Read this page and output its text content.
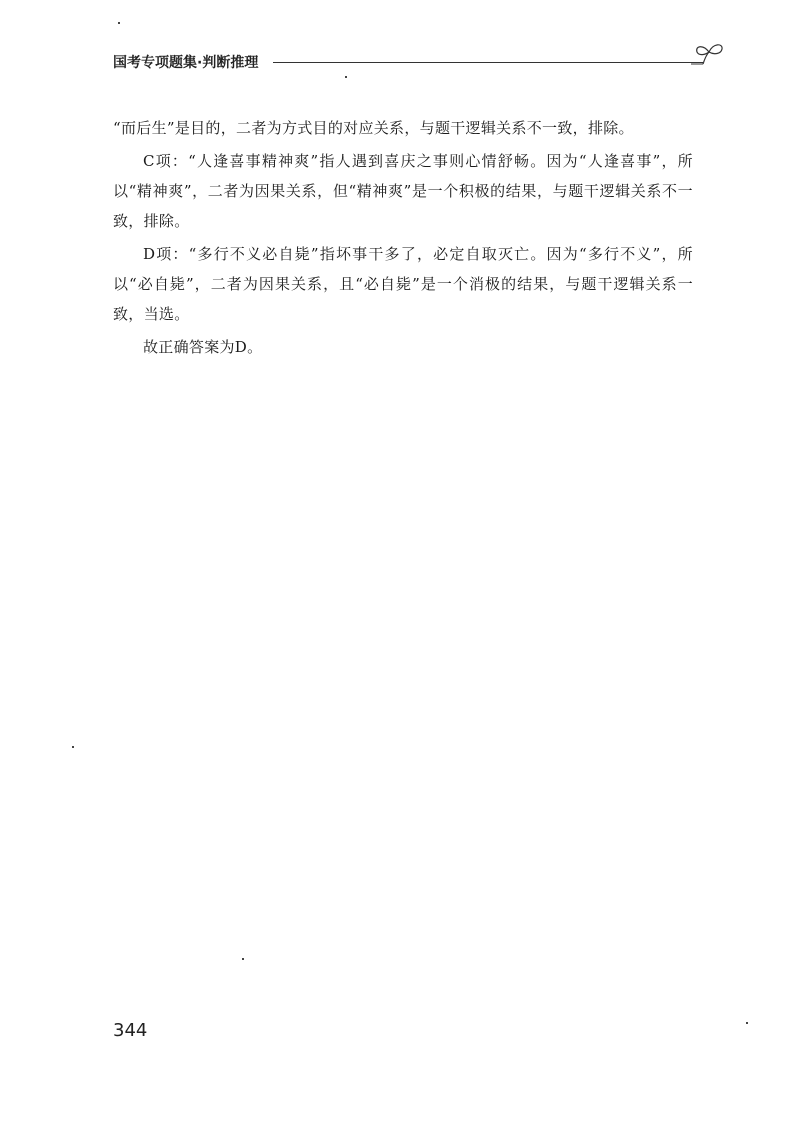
国考专项题集·判断推理

“而后生”是目的，二者为方式目的对应关系，与题干逻辑关系不一致，排除。

C项：“人逢喜事精神爽”指人遇到喜庆之事则心情舒畅。因为“人逢喜事”，所以“精神爽”，二者为因果关系，但“精神爽”是一个积极的结果，与题干逻辑关系不一致，排除。

D项：“多行不义必自毙”指坏事干多了，必定自取灭亡。因为“多行不义”，所以“必自毙”，二者为因果关系，且“必自毙”是一个消极的结果，与题干逻辑关系一致，当选。

故正确答案为D。

344
